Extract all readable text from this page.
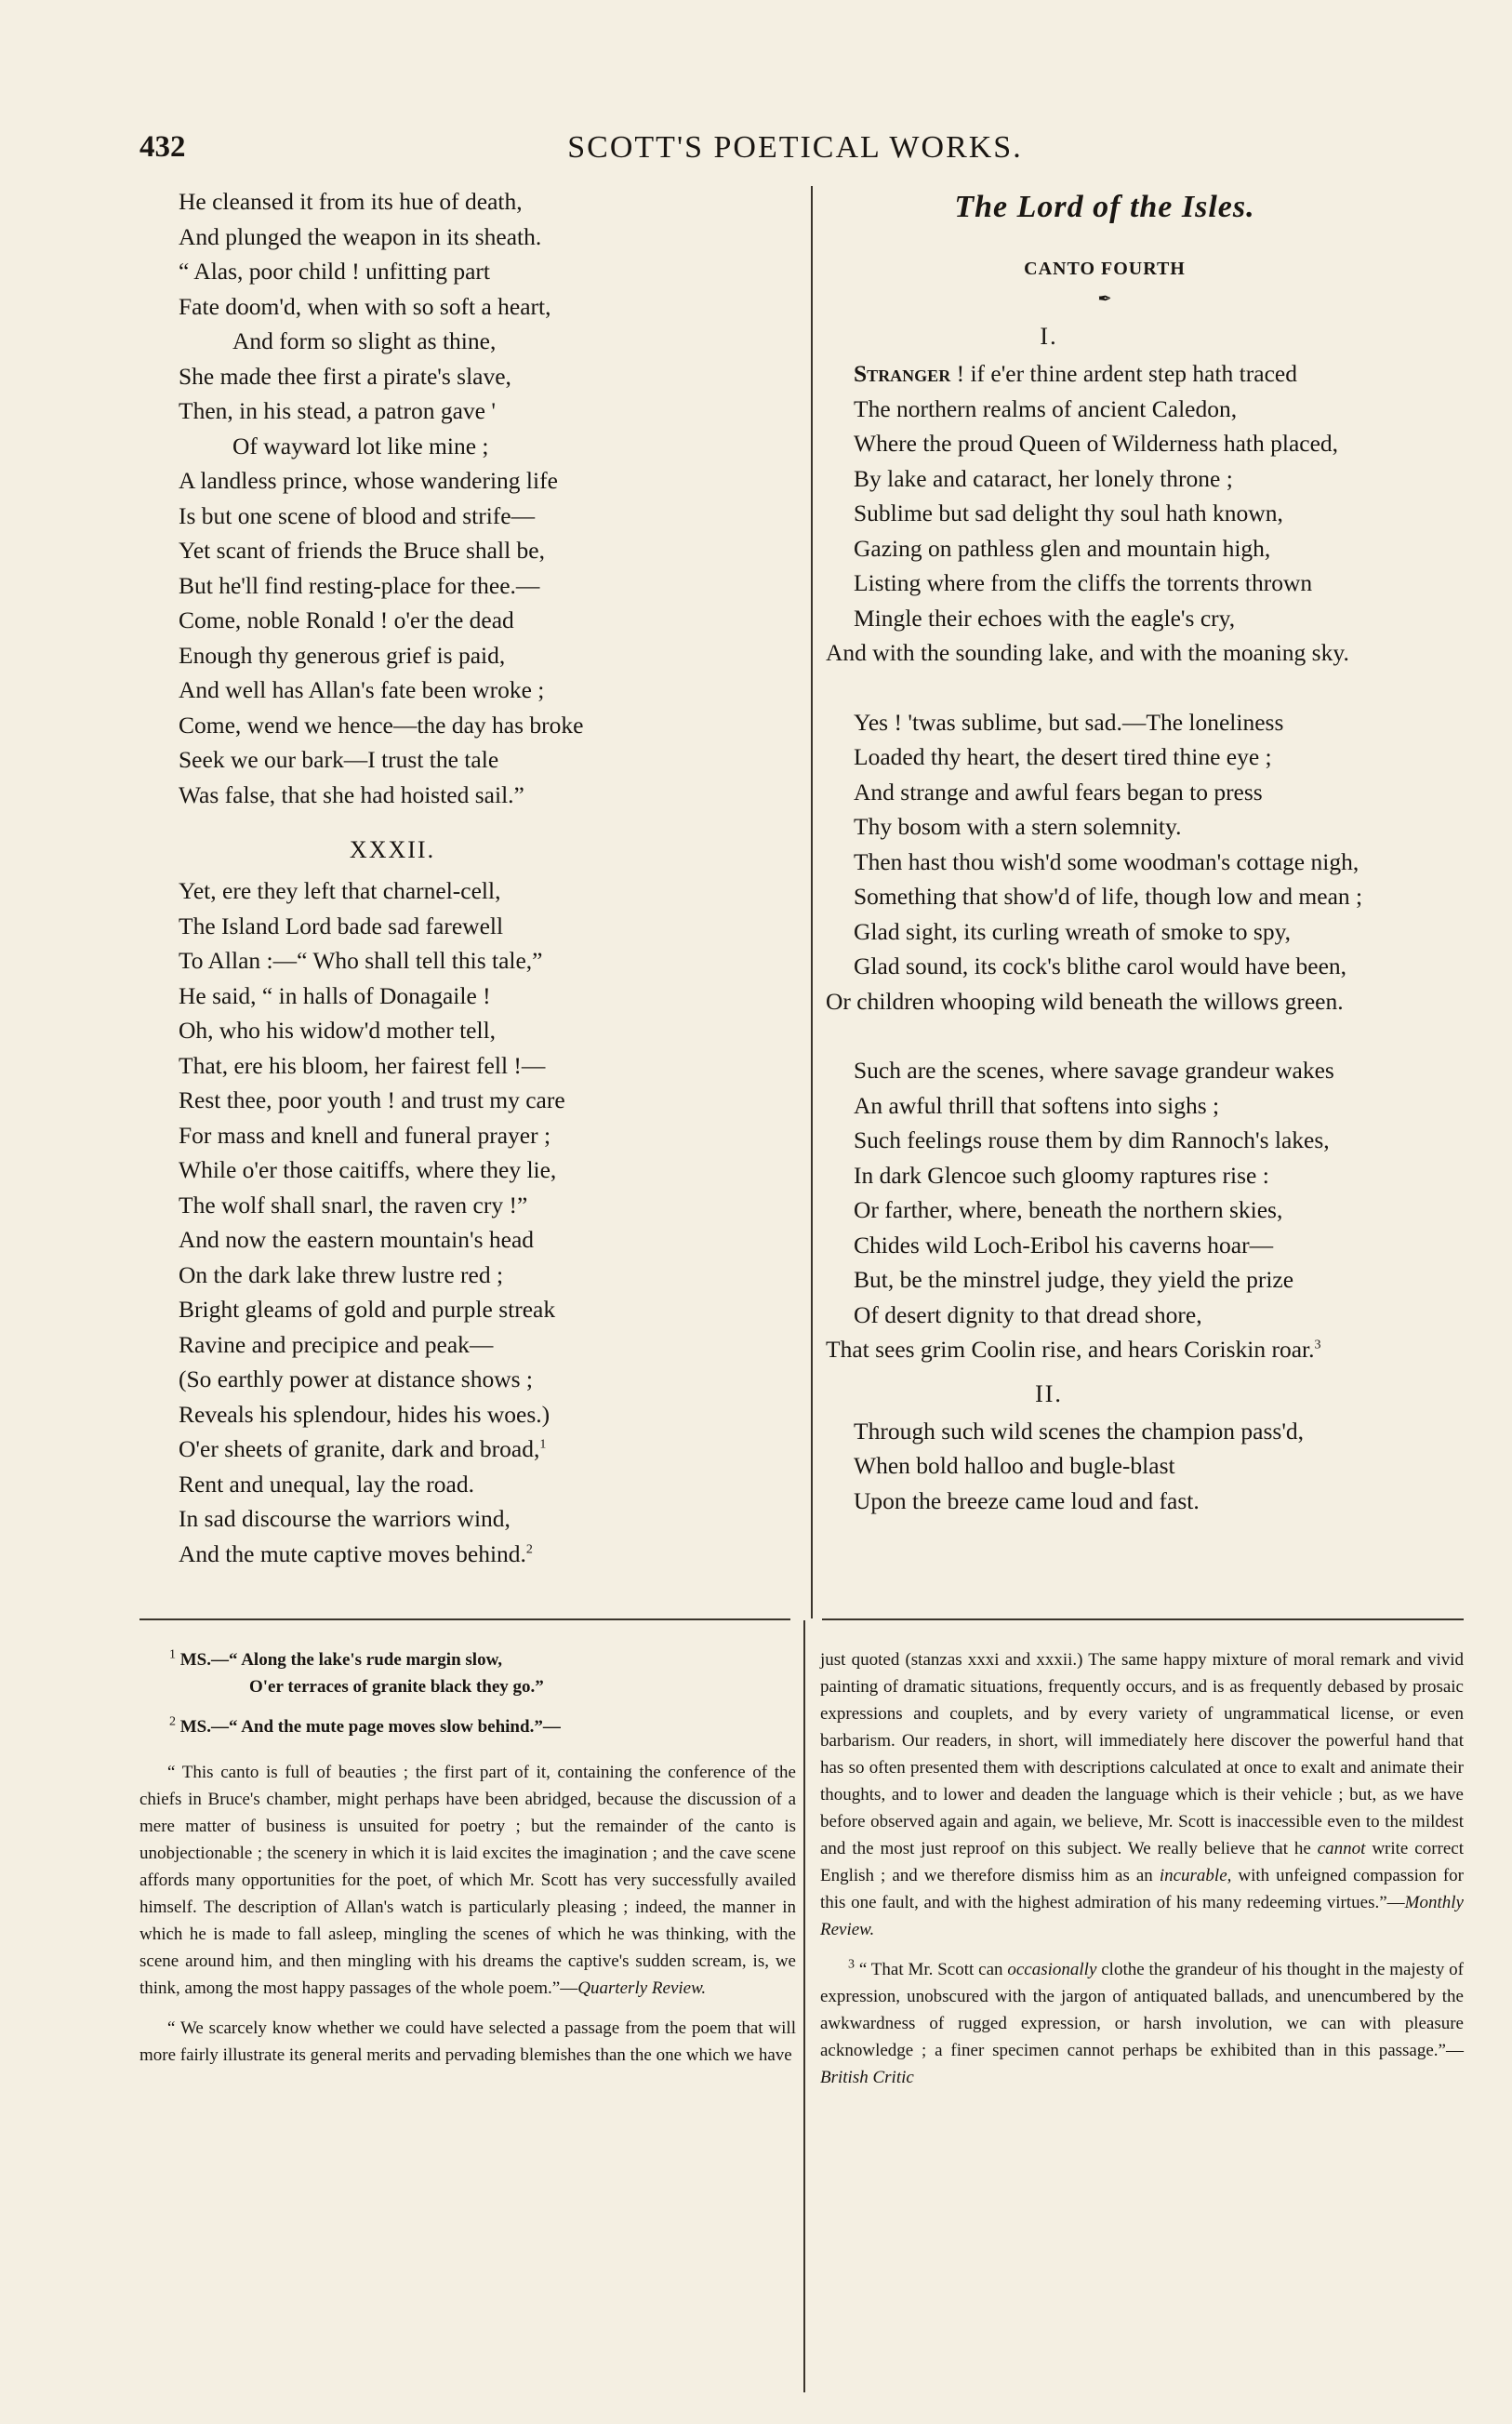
432	SCOTT'S POETICAL WORKS.
He cleansed it from its hue of death,
And plunged the weapon in its sheath.
“ Alas, poor child ! unfitting part
Fate doom'd, when with so soft a heart,
And form so slight as thine,
She made thee first a pirate's slave,
Then, in his stead, a patron gave '
Of wayward lot like mine ;
A landless prince, whose wandering life
Is but one scene of blood and strife—
Yet scant of friends the Bruce shall be,
But he'll find resting-place for thee.—
Come, noble Ronald ! o'er the dead
Enough thy generous grief is paid,
And well has Allan's fate been wroke ;
Come, wend we hence—the day has broke
Seek we our bark—I trust the tale
Was false, that she had hoisted sail.”
XXXII.
Yet, ere they left that charnel-cell,
The Island Lord bade sad farewell
To Allan :—“ Who shall tell this tale,”
He said, “ in halls of Donagaile !
Oh, who his widow'd mother tell,
That, ere his bloom, her fairest fell !—
Rest thee, poor youth ! and trust my care
For mass and knell and funeral prayer ;
While o'er those caitiffs, where they lie,
The wolf shall snarl, the raven cry !”
And now the eastern mountain's head
On the dark lake threw lustre red ;
Bright gleams of gold and purple streak
Ravine and precipice and peak—
(So earthly power at distance shows ;
Reveals his splendour, hides his woes.)
O'er sheets of granite, dark and broad,$^1$
Rent and unequal, lay the road.
In sad discourse the warriors wind,
And the mute captive moves behind.$^2$
The Lord of the Isles.
CANTO FOURTH
✒
I.
Stranger ! if e'er thine ardent step hath traced
The northern realms of ancient Caledon,
Where the proud Queen of Wilderness hath placed,
By lake and cataract, her lonely throne ;
Sublime but sad delight thy soul hath known,
Gazing on pathless glen and mountain high,
Listing where from the cliffs the torrents thrown
Mingle their echoes with the eagle's cry,
And with the sounding lake, and with the moaning sky.
Yes ! 'twas sublime, but sad.—The loneliness
Loaded thy heart, the desert tired thine eye ;
And strange and awful fears began to press
Thy bosom with a stern solemnity.
Then hast thou wish'd some woodman's cottage nigh,
Something that show'd of life, though low and mean ;
Glad sight, its curling wreath of smoke to spy,
Glad sound, its cock's blithe carol would have been,
Or children whooping wild beneath the willows green.
Such are the scenes, where savage grandeur wakes
An awful thrill that softens into sighs ;
Such feelings rouse them by dim Rannoch's lakes,
In dark Glencoe such gloomy raptures rise :
Or farther, where, beneath the northern skies,
Chides wild Loch-Eribol his caverns hoar—
But, be the minstrel judge, they yield the prize
Of desert dignity to that dread shore,
That sees grim Coolin rise, and hears Coriskin roar.$^3$
II.
Through such wild scenes the champion pass'd,
When bold halloo and bugle-blast
Upon the breeze came loud and fast.
$^1$ MS.—“ Along the lake's rude margin slow,
O'er terraces of granite black they go.”
$^2$ MS.—“ And the mute page moves slow behind.”—

“ This canto is full of beauties ; the first part of it, containing the conference of the chiefs in Bruce's chamber, might perhaps have been abridged, because the discussion of a mere matter of business is unsuited for poetry ; but the remainder of the canto is unobjectionable ; the scenery in which it is laid excites the imagination ; and the cave scene affords many opportunities for the poet, of which Mr. Scott has very successfully availed himself. The description of Allan's watch is particularly pleasing ; indeed, the manner in which he is made to fall asleep, mingling the scenes of which he was thinking, with the scene around him, and then mingling with his dreams the captive's sudden scream, is, we think, among the most happy passages of the whole poem.”—Quarterly Review.

“ We scarcely know whether we could have selected a passage from the poem that will more fairly illustrate its general merits and pervading blemishes than the one which we have

just quoted (stanzas xxxi and xxxii.) The same happy mixture of moral remark and vivid painting of dramatic situations, frequently occurs, and is as frequently debased by prosaic expressions and couplets, and by every variety of ungrammatical license, or even barbarism. Our readers, in short, will immediately here discover the powerful hand that has so often presented them with descriptions calculated at once to exalt and animate their thoughts, and to lower and deaden the language which is their vehicle ; but, as we have before observed again and again, we believe, Mr. Scott is inaccessible even to the mildest and the most just reproof on this subject. We really believe that he cannot write correct English ; and we therefore dismiss him as an incurable, with unfeigned compassion for this one fault, and with the highest admiration of his many redeeming virtues.”—Monthly Review.

$^3$ “ That Mr. Scott can occasionally clothe the grandeur of his thought in the majesty of expression, unobscured with the jargon of antiquated ballads, and unencumbered by the awkwardness of rugged expression, or harsh involution, we can with pleasure acknowledge ; a finer specimen cannot perhaps be exhibited than in this passage.”—British Critic
